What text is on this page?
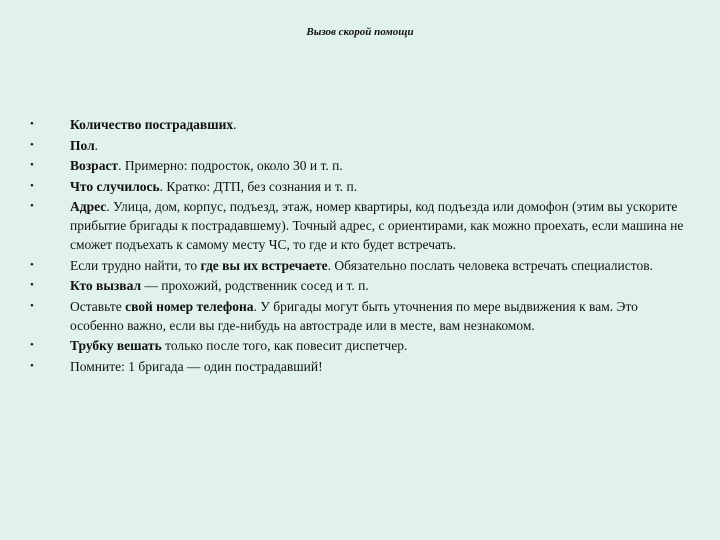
Вызов скорой помощи
•	Количество пострадавших.
•	Пол.
•	Возраст. Примерно: подросток, около 30 и т. п.
•	Что случилось. Кратко: ДТП, без сознания и т. п.
•	Адрес. Улица, дом, корпус, подъезд, этаж, номер квартиры, код подъезда или домофон (этим вы ускорите прибытие бригады к пострадавшему). Точный адрес, с ориентирами, как можно проехать, если машина не сможет подъехать к самому месту ЧС, то где и кто будет встречать.
•	Если трудно найти, то где вы их встречаете. Обязательно послать человека встречать специалистов.
•	Кто вызвал — прохожий, родственник сосед и т. п.
•	Оставьте свой номер телефона. У бригады могут быть уточнения по мере выдвижения к вам. Это особенно важно, если вы где-нибудь на автостраде или в месте, вам незнакомом.
•	Трубку вешать только после того, как повесит диспетчер.
•	Помните: 1 бригада — один пострадавший!
